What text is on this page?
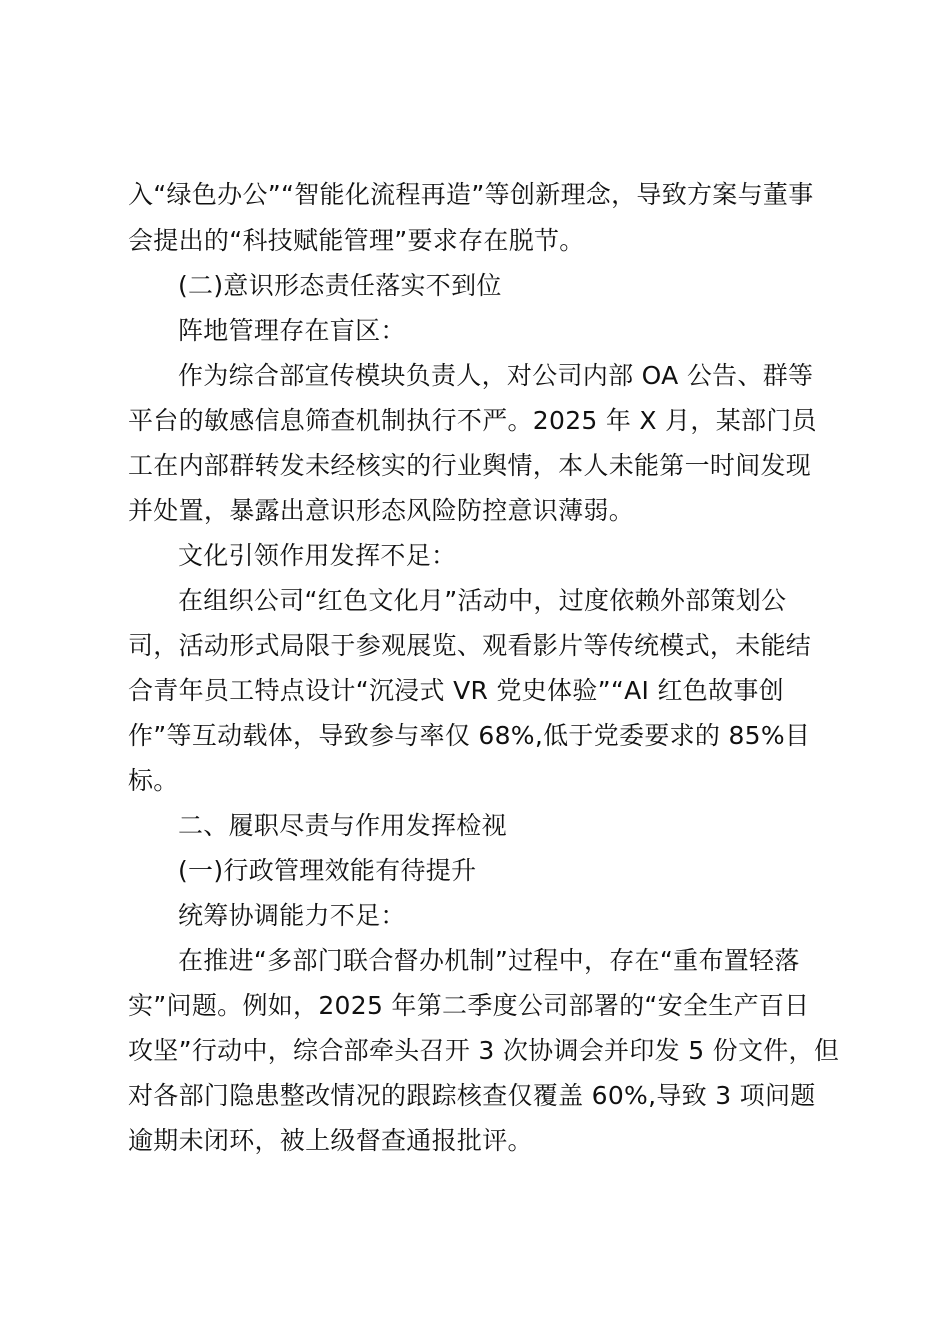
入“绿色办公”“智能化流程再造”等创新理念，导致方案与董事
会提出的“科技赋能管理”要求存在脱节。
(二)意识形态责任落实不到位
阵地管理存在盲区：
作为综合部宣传模块负责人，对公司内部 OA 公告、群等
平台的敏感信息筛查机制执行不严。2025 年 X 月，某部门员
工在内部群转发未经核实的行业舆情，本人未能第一时间发现
并处置，暴露出意识形态风险防控意识薄弱。
文化引领作用发挥不足：
在组织公司“红色文化月”活动中，过度依赖外部策划公
司，活动形式局限于参观展览、观看影片等传统模式，未能结
合青年员工特点设计“沉浸式 VR 党史体验”“AI 红色故事创
作”等互动载体，导致参与率仅 68%,低于党委要求的 85%目
标。
二、履职尽责与作用发挥检视
(一)行政管理效能有待提升
统筹协调能力不足：
在推进“多部门联合督办机制”过程中，存在“重布置轻落
实”问题。例如，2025 年第二季度公司部署的“安全生产百日
攻坚”行动中，综合部牵头召开 3 次协调会并印发 5 份文件，但
对各部门隐患整改情况的跟踪核查仅覆盖 60%,导致 3 项问题
逾期未闭环，被上级督查通报批评。
